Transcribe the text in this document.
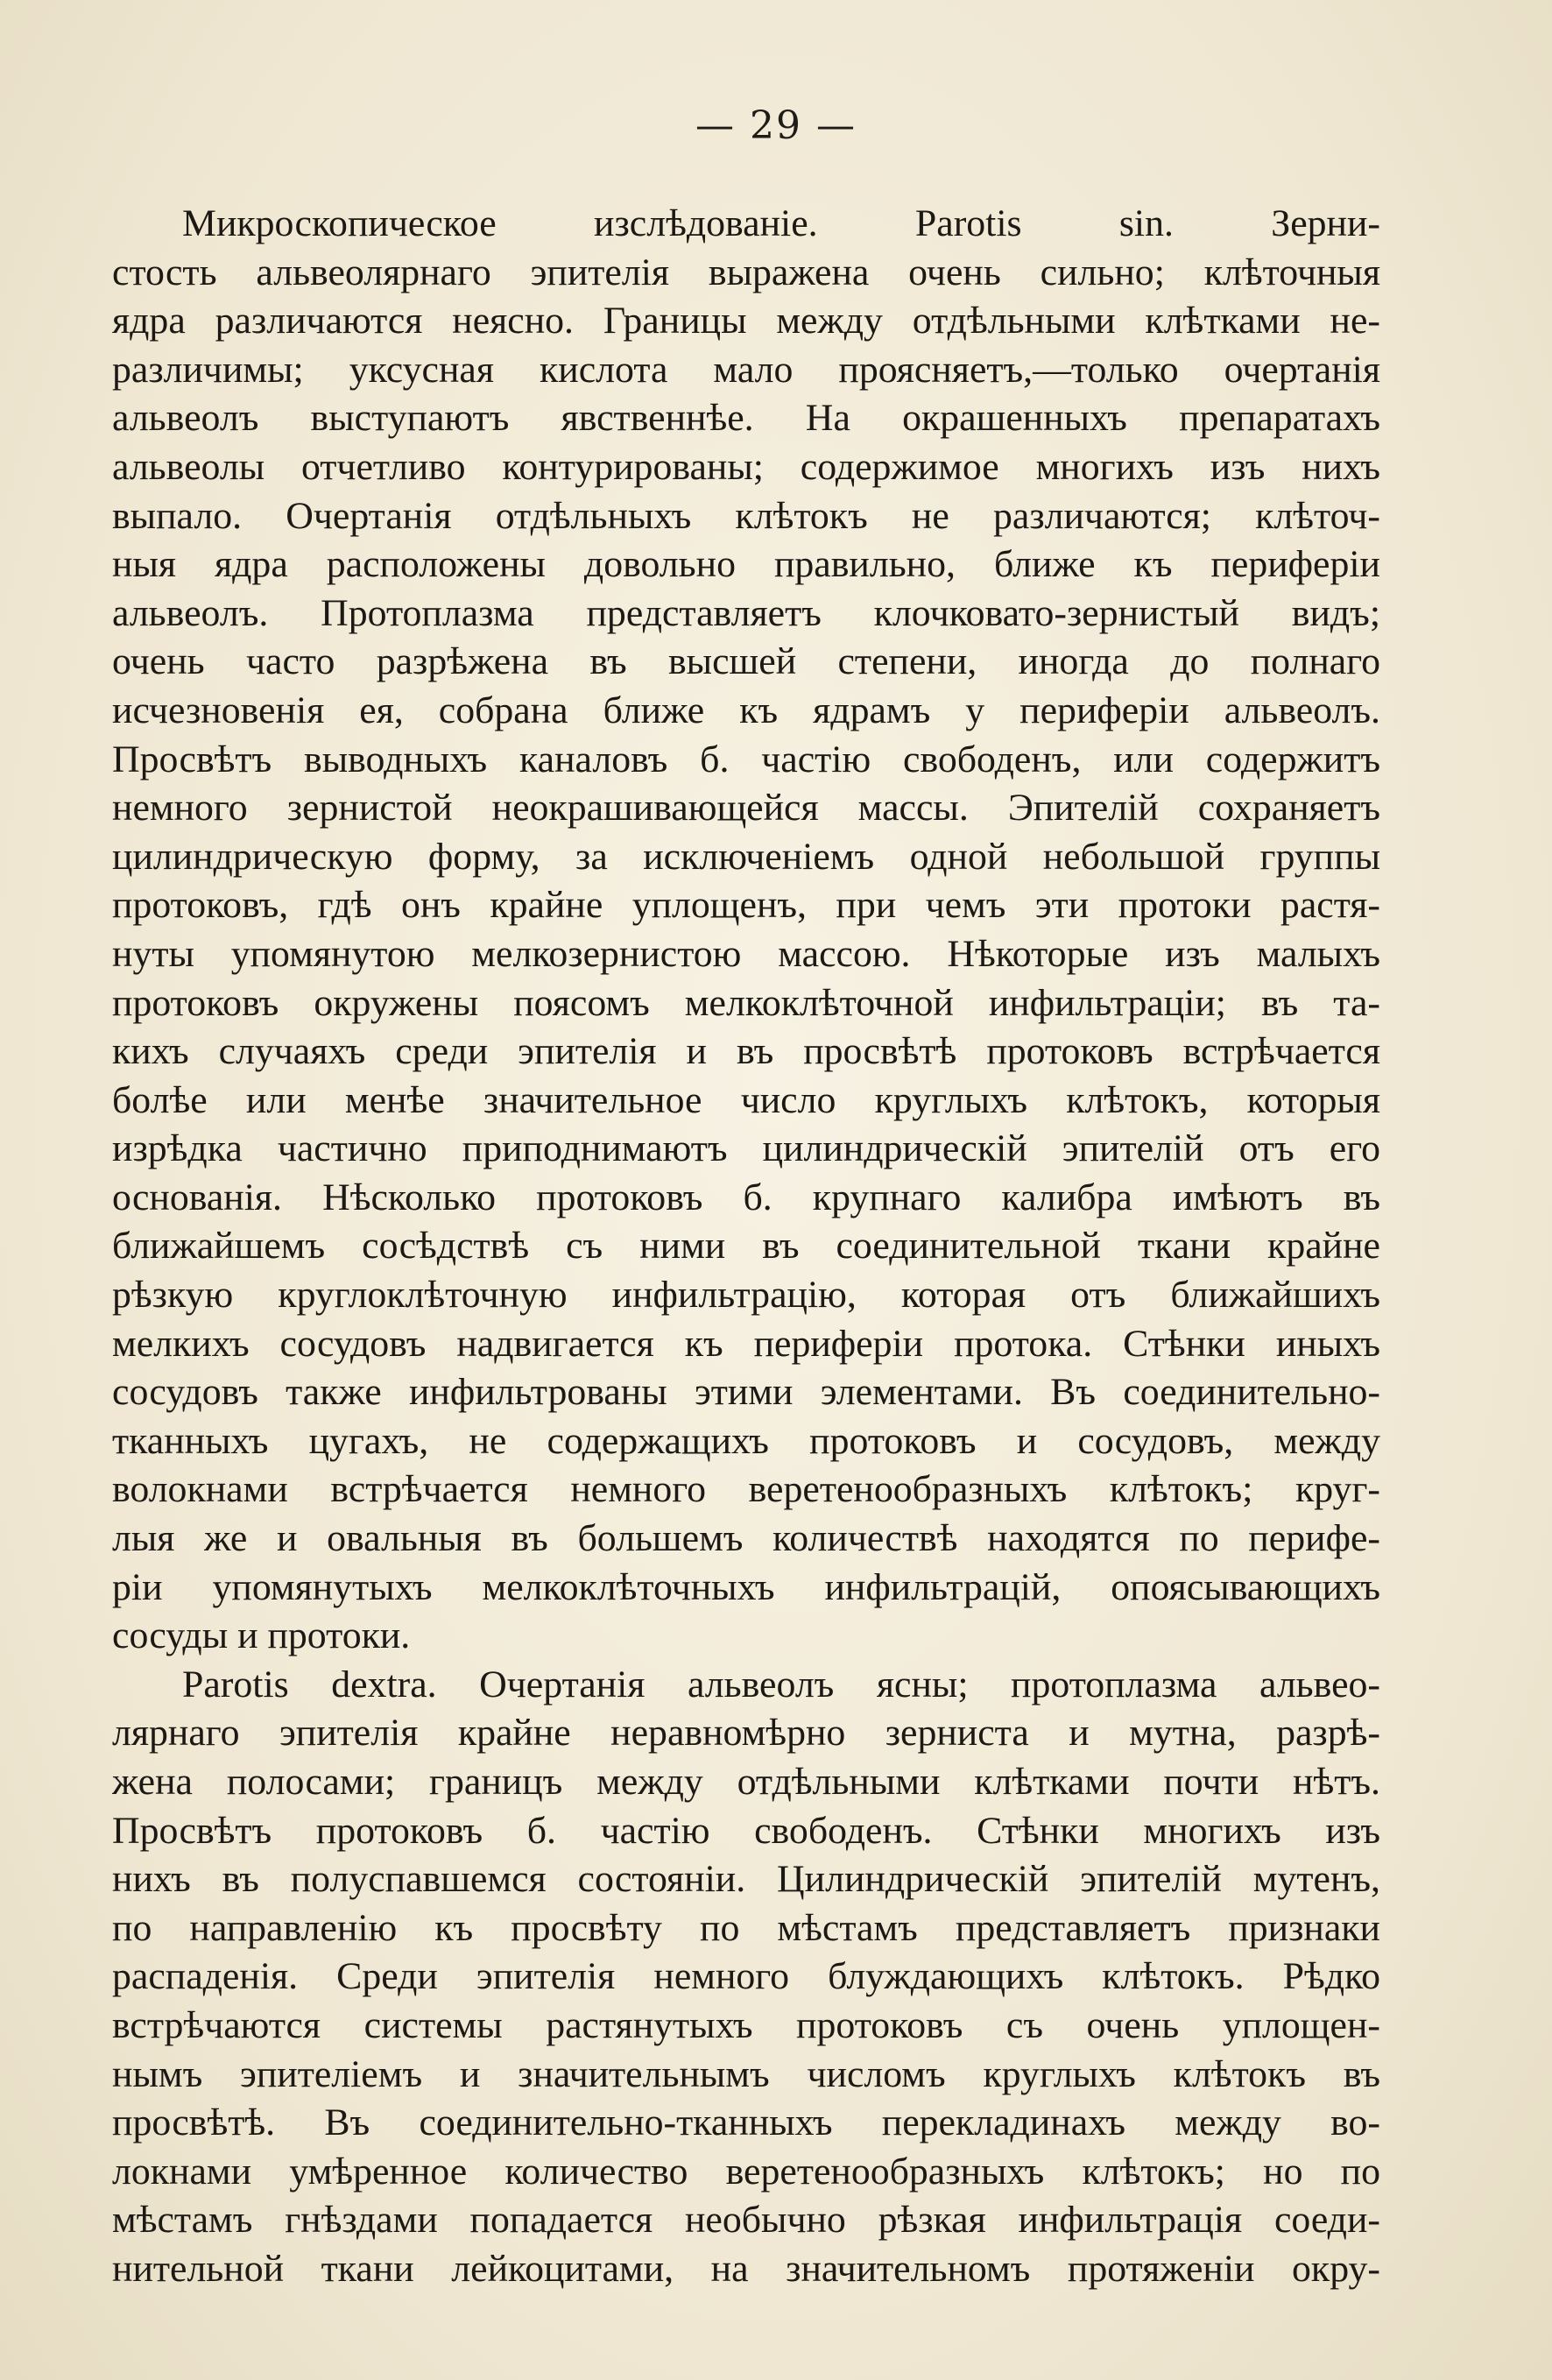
— 29 —
Микроскопическое изслѣдованіе. Parotis sin. Зерни-
стость альвеолярнаго эпителія выражена очень сильно; клѣточныя
ядра различаются неясно. Границы между отдѣльными клѣтками не-
различимы; уксусная кислота мало проясняетъ,—только очертанія
альвеолъ выступаютъ явственнѣе. На окрашенныхъ препаратахъ
альвеолы отчетливо контурированы; содержимое многихъ изъ нихъ
выпало. Очертанія отдѣльныхъ клѣтокъ не различаются; клѣточ-
ныя ядра расположены довольно правильно, ближе къ периферіи
альвеолъ. Протоплазма представляетъ клочковато-зернистый видъ;
очень часто разрѣжена въ высшей степени, иногда до полнаго
исчезновенія ея, собрана ближе къ ядрамъ у периферіи альвеолъ.
Просвѣтъ выводныхъ каналовъ б. частію свободенъ, или содержитъ
немного зернистой неокрашивающейся массы. Эпителій сохраняетъ
цилиндрическую форму, за исключеніемъ одной небольшой группы
протоковъ, гдѣ онъ крайне уплощенъ, при чемъ эти протоки растя-
нуты упомянутою мелкозернистою массою. Нѣкоторые изъ малыхъ
протоковъ окружены поясомъ мелкоклѣточной инфильтраціи; въ та-
кихъ случаяхъ среди эпителія и въ просвѣтѣ протоковъ встрѣчается
болѣе или менѣе значительное число круглыхъ клѣтокъ, которыя
изрѣдка частично приподнимаютъ цилиндрическій эпителій отъ его
основанія. Нѣсколько протоковъ б. крупнаго калибра имѣютъ въ
ближайшемъ сосѣдствѣ съ ними въ соединительной ткани крайне
рѣзкую круглоклѣточную инфильтрацію, которая отъ ближайшихъ
мелкихъ сосудовъ надвигается къ периферіи протока. Стѣнки иныхъ
сосудовъ также инфильтрованы этими элементами. Въ соединительно-
тканныхъ цугахъ, не содержащихъ протоковъ и сосудовъ, между
волокнами встрѣчается немного веретенообразныхъ клѣтокъ; круг-
лыя же и овальныя въ большемъ количествѣ находятся по перифе-
ріи упомянутыхъ мелкоклѣточныхъ инфильтрацій, опоясывающихъ
сосуды и протоки.
Parotis dextra. Очертанія альвеолъ ясны; протоплазма альвео-
лярнаго эпителія крайне неравномѣрно зерниста и мутна, разрѣ-
жена полосами; границъ между отдѣльными клѣтками почти нѣтъ.
Просвѣтъ протоковъ б. частію свободенъ. Стѣнки многихъ изъ
нихъ въ полуспавшемся состояніи. Цилиндрическій эпителій мутенъ,
по направленію къ просвѣту по мѣстамъ представляетъ признаки
распаденія. Среди эпителія немного блуждающихъ клѣтокъ. Рѣдко
встрѣчаются системы растянутыхъ протоковъ съ очень уплощен-
нымъ эпителіемъ и значительнымъ числомъ круглыхъ клѣтокъ въ
просвѣтѣ. Въ соединительно-тканныхъ перекладинахъ между во-
локнами умѣренное количество веретенообразныхъ клѣтокъ; но по
мѣстамъ гнѣздами попадается необычно рѣзкая инфильтрація соеди-
нительной ткани лейкоцитами, на значительномъ протяженіи окру-
